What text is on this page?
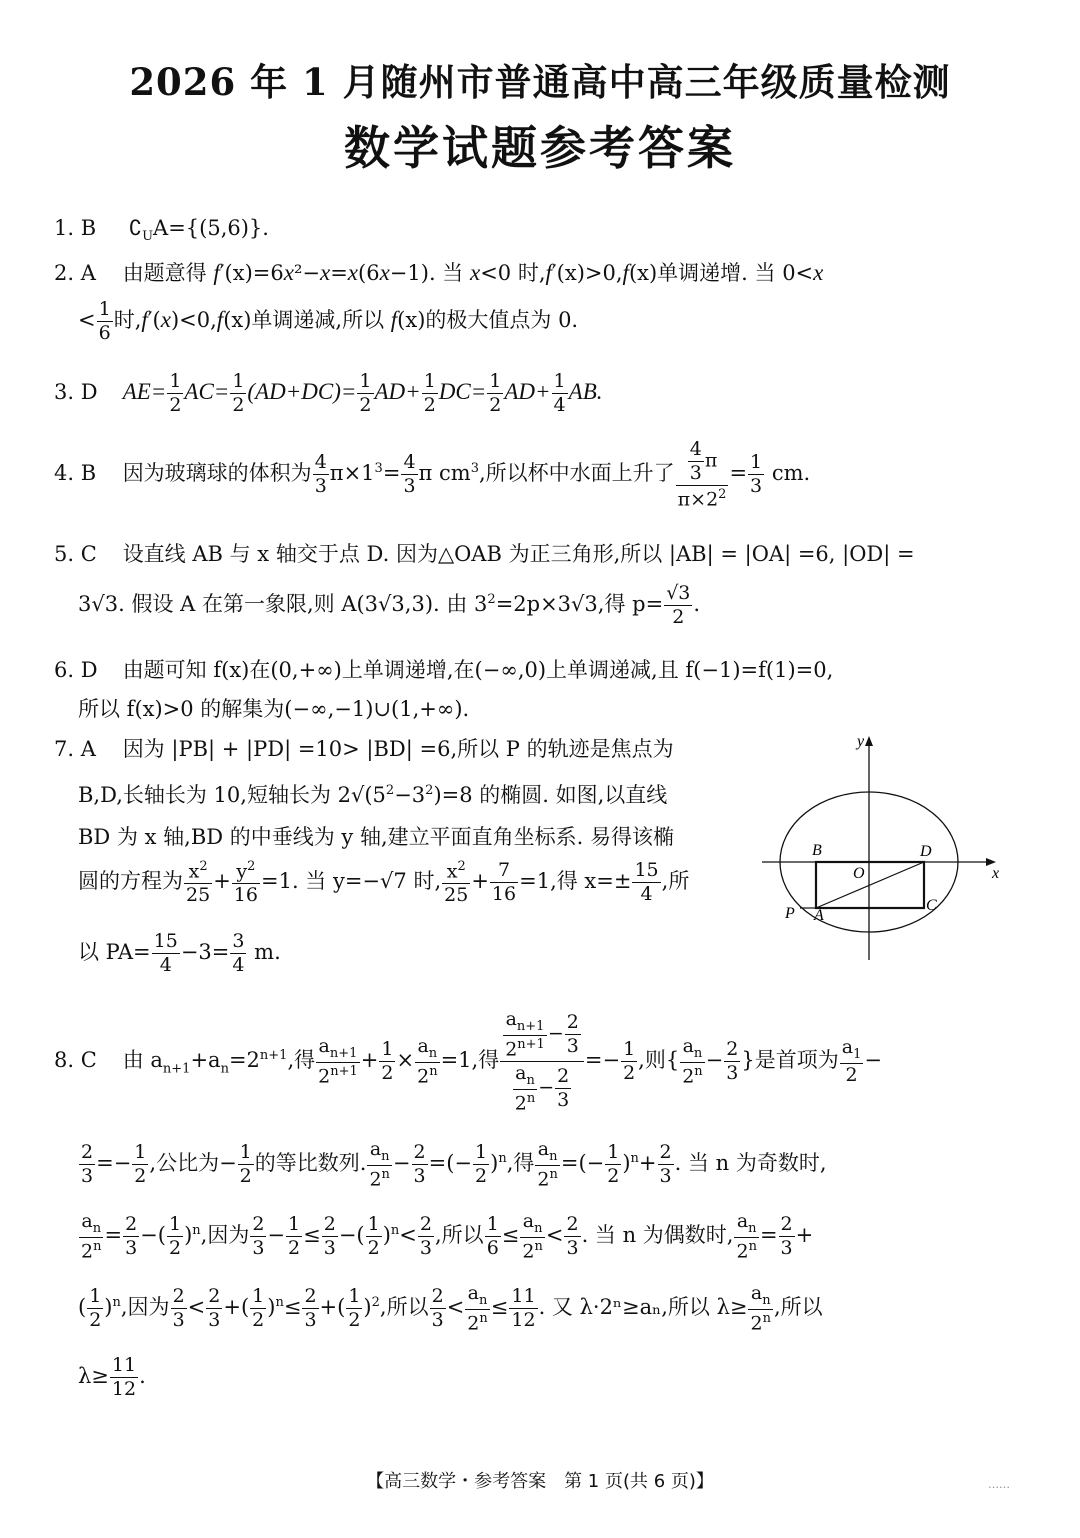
2026 年 1 月随州市普通高中高三年级质量检测
数学试题参考答案
1. B $∁_UA=\{(5,6)\}$.
2. A 由题意得 f′(x)=6x²−x=x(6x−1). 当 x<0 时,f′(x)>0,f(x)单调递增. 当 0<x
< $\frac{1}{6}$ 时,f′(x)<0,f(x)单调递减,所以 f(x)的极大值点为 0.
3. D $AE= \frac{1}{2} AC= \frac{1}{2} (AD+DC)= \frac{1}{2} AD+ \frac{1}{2} DC= \frac{1}{2} AD+ \frac{1}{4}$ AB.
4. B 因为玻璃球的体积为 $\frac{4}{3} \pi\times 1^3= \frac{4}{3}$ π $cm^3$,所以杯中水面上升了 $\frac{\frac{4}{3} \pi}{\pi\times 2^2} = \frac{1}{3}$ cm.
5. C 设直线 AB 与 x 轴交于点 D. 因为△OAB 为正三角形,所以 |AB| = |OA| =6, |OD| =
3√3. 假设 A 在第一象限,则 A(3√3,3). 由 $3^2=2p\times 3√3$,得 $p= \frac{√3}{2}$ .
6. D 由题可知 f(x)在(0,+∞)上单调递增,在(−∞,0)上单调递减,且 f(−1)=f(1)=0,
所以 f(x)>0 的解集为(−∞,−1)∪(1,+∞).
7. A 因为 |PB| + |PD| =10> |BD| =6,所以 P 的轨迹是焦点为
B,D,长轴长为 10,短轴长为 $2√(5^2-3^2)=8$ 的椭圆. 如图,以直线
BD 为 x 轴,BD 的中垂线为 y 轴,建立平面直角坐标系. 易得该椭
圆的方程为 $\frac{x^2}{25} + \frac{y^2}{16} =1$. 当 y=−√7 时, $\frac{x^2}{25} + \frac{7}{16} =1$,得 $x=\pm \frac{15}{4}$ ,所
以 $PA= \frac{15}{4} -3= \frac{3}{4} m$.
x
y
B	D
O
P A
C
8. C 由 $a_{n+1}+a_n=2^{n+1}$,得 $\frac{a_{n+1}}{2^{n+1}} + \frac{1}{2} \times \frac{a_n}{2^n} =1$,得 $\frac{\frac{a_{n+1}}{2^{n+1}} - \frac{2}{3}}{\frac{a_n}{2^n} - \frac{2}{3}} =- \frac{1}{2}$ ,则{ $\frac{a_n}{2^n} - \frac{2}{3}$ }是首项为 $\frac{a_1}{2}$ −
$\frac{2}{3} =- \frac{1}{2}$ ,公比为− $\frac{1}{2}$ 的等比数列. $\frac{a_n}{2^n} - \frac{2}{3}$ =(− $\frac{1}{2} )^n$,得 $\frac{a_n}{2^n}$ =(− $\frac{1}{2} )^n+ \frac{2}{3}$ . 当 n 为奇数时,
$\frac{a_n}{2^n} = \frac{2}{3}$ −( $\frac{1}{2} )^n$,因为 $\frac{2}{3} - \frac{1}{2} \le \frac{2}{3}$ −( $\frac{1}{2} )^n< \frac{2}{3}$ ,所以 $\frac{1}{6} \le \frac{a_n}{2^n} < \frac{2}{3}$ . 当 n 为偶数时, $\frac{a_n}{2^n} = \frac{2}{3}$ +
( $\frac{1}{2} )^n$,因为 $\frac{2}{3} < \frac{2}{3}$ +( $\frac{1}{2} )^n\le \frac{2}{3}$ +( $\frac{1}{2} )^2$,所以 $\frac{2}{3} < \frac{a_n}{2^n} \le \frac{11}{12}$ . 又 λ·2ⁿ≥aₙ,所以 $\lambda\ge \frac{a_n}{2^n}$ ,所以
$\lambda\ge \frac{11}{12}$ .
【高三数学・参考答案　第 1 页(共 6 页)】	……
